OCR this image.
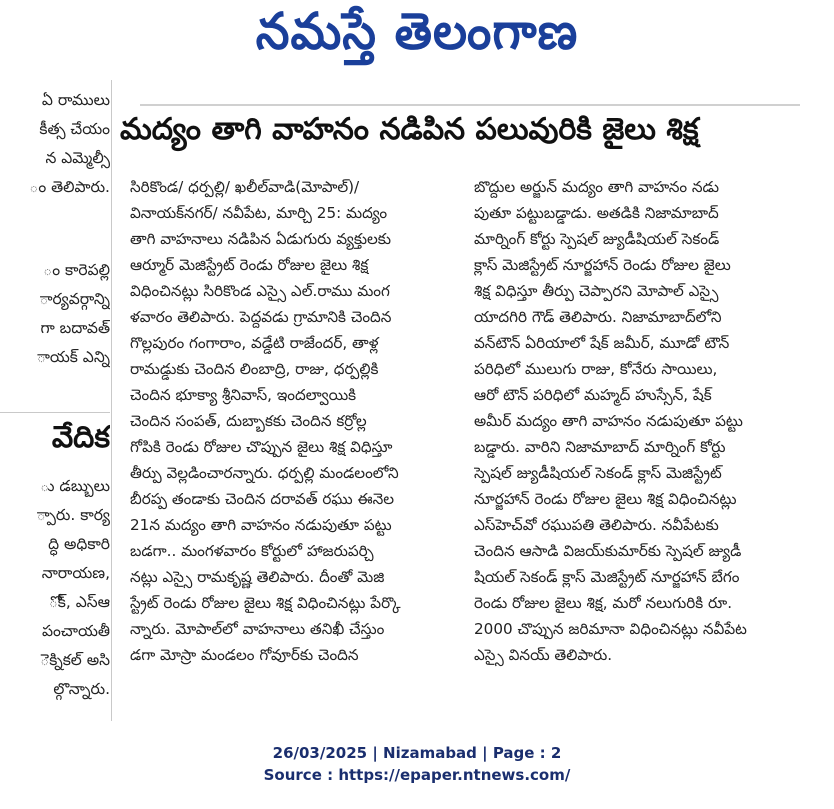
నమస్తే తెలంగాణ
ఏ రాములు
కీత్స చేయం
న ఎమ్మెల్సీ
ం తెలిపారు.
ం కారెపల్లి
ార్యవర్గాన్ని
గా బదావత్
ాయక్ ఎన్ని
వేదిక
ు డబ్బులు
్పారు. కార్య
ద్ధి అధికారి
నారాయణ,
ోక్, ఎస్ఆ
పంచాయతీ
ెక్నికల్ అసి
ల్గొన్నారు.
మద్యం తాగి వాహనం నడిపిన పలువురికి జైలు శిక్ష
సిరికొండ/ ధర్పల్లి/ ఖలీల్‌వాడి(మోపాల్)/
వినాయక్‌నగర్/ నవీపేట, మార్చి 25: మద్యం
తాగి వాహనాలు నడిపిన ఏడుగురు వ్యక్తులకు
ఆర్మూర్ మెజిస్ట్రేట్ రెండు రోజుల జైలు శిక్ష
విధించినట్లు సిరికొండ ఎస్సై ఎల్.రాము మంగ
ళవారం తెలిపారు. పెద్దవడు గ్రామానికి చెందిన
గొల్లపురం గంగారాం, వడ్డేటి రాజేందర్, తాళ్ల
రామడ్డుకు చెందిన లింబాద్రి, రాజు, ధర్పల్లికి
చెందిన భూక్యా శ్రీనివాస్, ఇందల్వాయికి
చెందిన సంపత్, దుబ్బాకకు చెందిన కర్రోల్ల
గోపికి రెండు రోజుల చొప్పున జైలు శిక్ష విధిస్తూ
తీర్పు వెల్లడించారన్నారు. ధర్పల్లి మండలంలోని
బీరప్ప తండాకు చెందిన దరావత్ రఘు ఈనెల
21న మద్యం తాగి వాహనం నడుపుతూ పట్టు
బడగా.. మంగళవారం కోర్టులో హాజరుపర్చి
నట్లు ఎస్సై రామకృష్ణ తెలిపారు. దీంతో మెజి
స్ట్రేట్ రెండు రోజుల జైలు శిక్ష విధించినట్లు పేర్కొ
న్నారు. మోపాల్‌లో వాహనాలు తనిఖీ చేస్తుం
డగా మోస్రా మండలం గోవూర్‌కు చెందిన
బొద్దుల అర్జున్ మద్యం తాగి వాహనం నడు
పుతూ పట్టుబడ్డాడు. అతడికి నిజామాబాద్
మార్నింగ్ కోర్టు స్పెషల్ జ్యుడీషియల్ సెకండ్
క్లాస్ మెజిస్ట్రేట్ నూర్జహాన్ రెండు రోజుల జైలు
శిక్ష విధిస్తూ తీర్పు చెప్పారని మోపాల్ ఎస్సై
యాదగిరి గౌడ్ తెలిపారు. నిజామాబాద్‌లోని
వన్‌టౌన్ ఏరియాలో షేక్ జమీర్, మూడో టౌన్
పరిధిలో ములుగు రాజు, కోనేరు సాయిలు,
ఆరో టౌన్ పరిధిలో మహ్మద్ హుస్సేన్, షేక్
అమీర్ మద్యం తాగి వాహనం నడుపుతూ పట్టు
బడ్డారు. వారిని నిజామాబాద్ మార్నింగ్ కోర్టు
స్పెషల్ జ్యుడీషియల్ సెకండ్ క్లాస్ మెజిస్ట్రేట్
నూర్జహాన్ రెండు రోజుల జైలు శిక్ష విధించినట్లు
ఎస్‌హెచ్‌వో రఘుపతి తెలిపారు. నవీపేటకు
చెందిన ఆసాడి విజయ్‌కుమార్‌కు స్పెషల్ జ్యుడీ
షియల్ సెకండ్ క్లాస్ మెజిస్ట్రేట్ నూర్జహాన్ బేగం
రెండు రోజుల జైలు శిక్ష, మరో నలుగురికి రూ.
2000 చొప్పున జరిమానా విధించినట్లు నవీపేట
ఎస్సై వినయ్ తెలిపారు.
26/03/2025 | Nizamabad | Page : 2
Source : https://epaper.ntnews.com/
